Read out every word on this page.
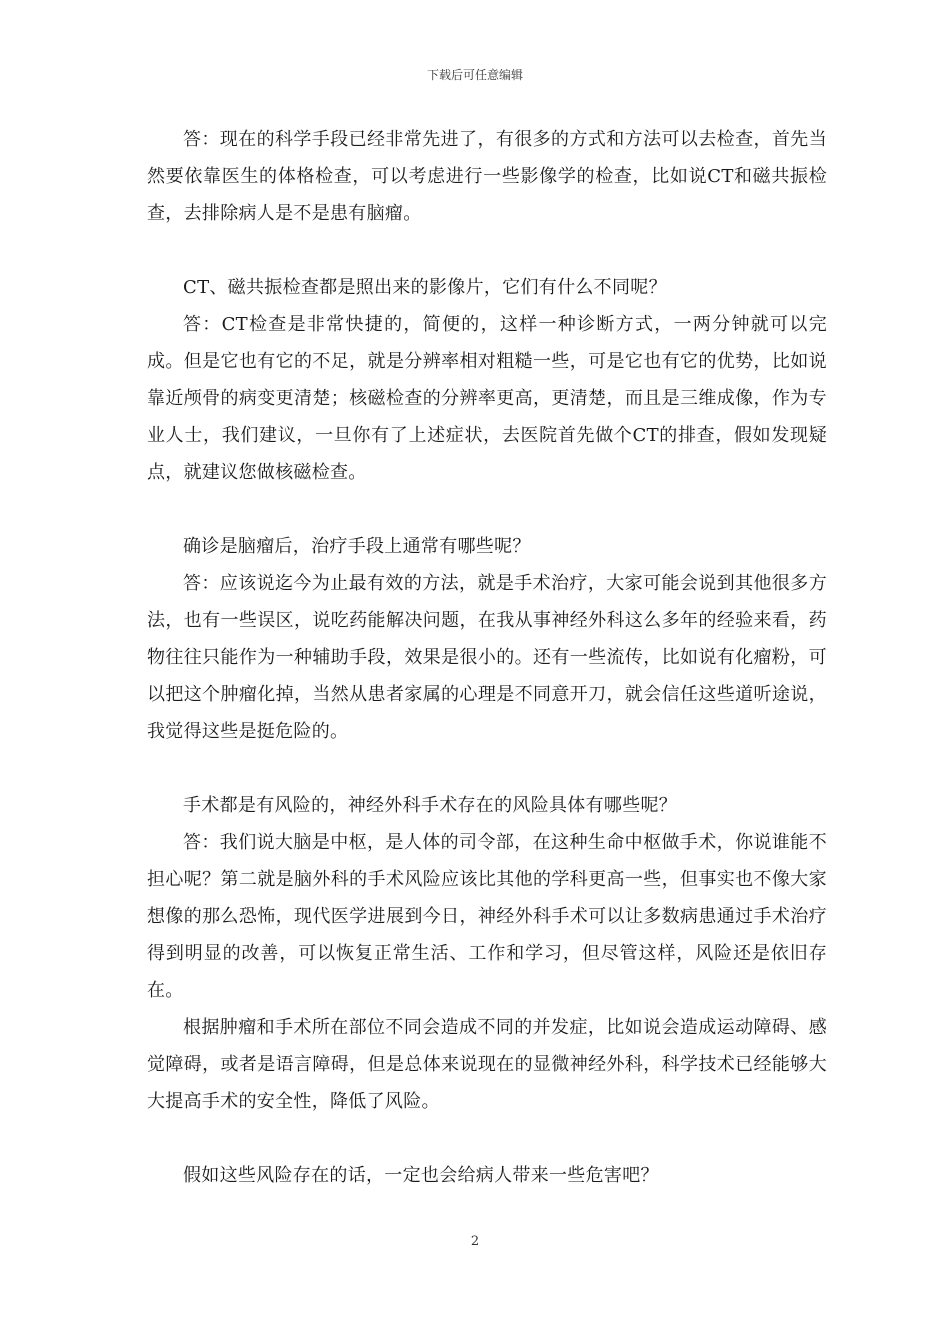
下载后可任意编辑

答：现在的科学手段已经非常先进了，有很多的方式和方法可以去检查，首先当然要依靠医生的体格检查，可以考虑进行一些影像学的检查，比如说CT和磁共振检查，去排除病人是不是患有脑瘤。

CT、磁共振检查都是照出来的影像片，它们有什么不同呢？

答：CT检查是非常快捷的，简便的，这样一种诊断方式，一两分钟就可以完成。但是它也有它的不足，就是分辨率相对粗糙一些，可是它也有它的优势，比如说靠近颅骨的病变更清楚；核磁检查的分辨率更高，更清楚，而且是三维成像，作为专业人士，我们建议，一旦你有了上述症状，去医院首先做个CT的排查，假如发现疑点，就建议您做核磁检查。

确诊是脑瘤后，治疗手段上通常有哪些呢？

答：应该说迄今为止最有效的方法，就是手术治疗，大家可能会说到其他很多方法，也有一些误区，说吃药能解决问题，在我从事神经外科这么多年的经验来看，药物往往只能作为一种辅助手段，效果是很小的。还有一些流传，比如说有化瘤粉，可以把这个肿瘤化掉，当然从患者家属的心理是不同意开刀，就会信任这些道听途说，我觉得这些是挺危险的。

手术都是有风险的，神经外科手术存在的风险具体有哪些呢？

答：我们说大脑是中枢，是人体的司令部，在这种生命中枢做手术，你说谁能不担心呢？第二就是脑外科的手术风险应该比其他的学科更高一些，但事实也不像大家想像的那么恐怖，现代医学进展到今日，神经外科手术可以让多数病患通过手术治疗得到明显的改善，可以恢复正常生活、工作和学习，但尽管这样，风险还是依旧存在。

根据肿瘤和手术所在部位不同会造成不同的并发症，比如说会造成运动障碍、感觉障碍，或者是语言障碍，但是总体来说现在的显微神经外科，科学技术已经能够大大提高手术的安全性，降低了风险。

假如这些风险存在的话，一定也会给病人带来一些危害吧？

2
